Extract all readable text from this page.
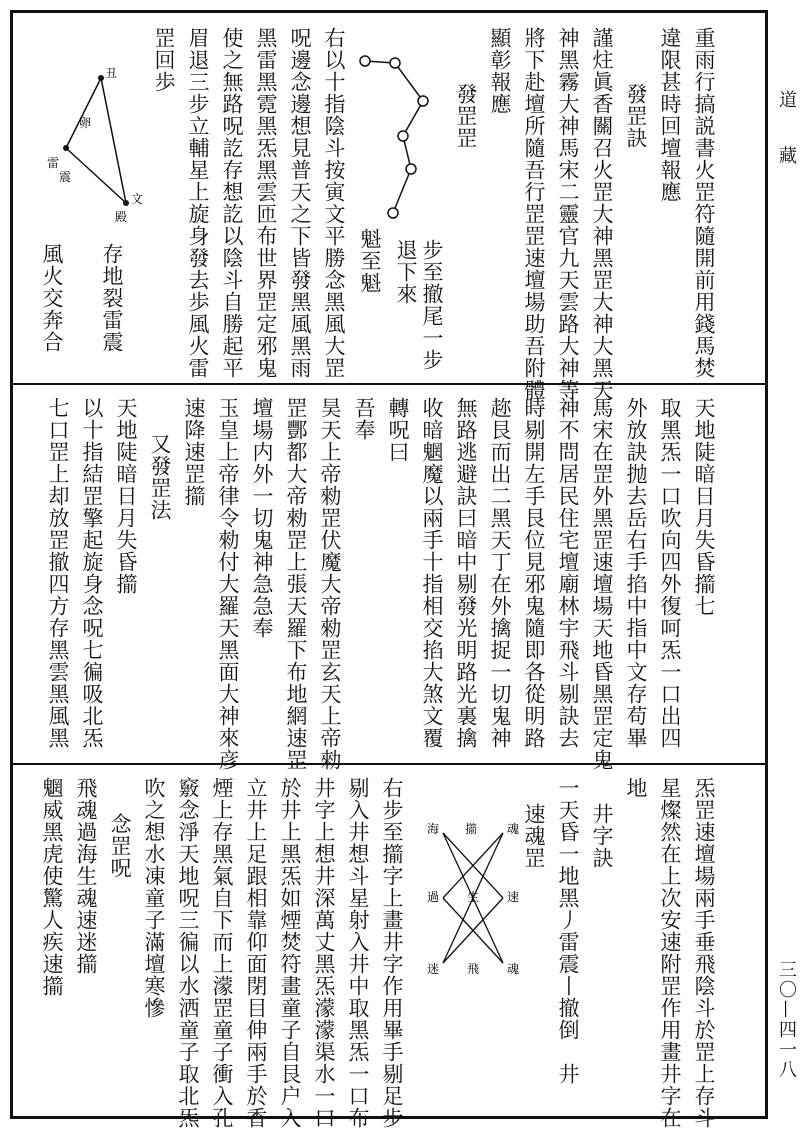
重雨行搞説書火罡符隨開前用錢馬焚
違限甚時回壇報應
發罡訣
謹炷眞香關召火罡大神黑罡大神大黑天
神黑霧大神馬宋二靈官九天雲路大神等
將下赴壇所隨吾行罡罡速壇場助吾附體
顯彰報應
發罡罡
步至撤尾一步
退下來
魁至魁
右以十指陰斗按寅文平勝念黑風大罡
呪邊念邊想見普天之下皆發黑風黑雨
黑雷黑霓黑炁黑雲匝布世界罡定邪鬼
使之無路呪訖存想訖以陰斗自勝起平
眉退三步立輔星上旋身發去歩風火雷
罡回歩
存地裂雷震
風火交奔合
丑
雷
震
卵
文
殿
天地陡暗日月失昏擶七
取黑炁一口吹向四外復呵炁一口出四
外放訣抛去岳右手掐中指中文存苟畢
馬宋在罡外黑罡速壇場天地昏黑罡定鬼
神不問居民住宅壇廟林宇飛斗剔訣去
時剔開左手艮位見邪鬼隨即各從明路
趂艮而出二黑天丁在外擒捉一切鬼神
無路逃避訣曰暗中剔發光明路光裏擒
收暗魍魔以兩手十指相交掐大煞文覆
轉呪曰
吾奉
昊天上帝勑罡伏魔大帝勑罡玄天上帝勑
罡酆都大帝勑罡上張天羅下布地網速罡
壇場内外一切鬼神急急奉
玉皇上帝律令勑付大羅天黑面大神來彦
速降速罡擶
又發罡法
天地陡暗日月失昏擶
以十指結罡擎起旋身念呪七徧吸北炁
七口罡上却放罡撤四方存黑雲黑風黑
炁罡速壇場兩手垂飛陰斗於罡上存斗
星燦然在上次安速附罡作用畫井字在
地
井字訣
一天昏一地黑丿雷震丨撤倒　井
速魂罡
右步至擶字上畫井字作用畢手剔足步
剔入井想斗星射入井中取黑炁一口布
井字上想井深萬丈黑炁濛濛渠水一口
於井上黑炁如煙焚符畫童子自艮户入
立井上足跟相靠仰面閉目伸兩手於香
煙上存黑氣自下而上濛罡童子衝入孔
竅念淨天地呪三徧以水洒童子取北炁
吹之想水凍童子滿壇寒慘
念罡呪
飛魂過海生魂速迷擶
魍威黑虎使驚人疾速擶	魂
擶
海
生 速
過
迷 飛 魂
道　藏
三〇—四一八
